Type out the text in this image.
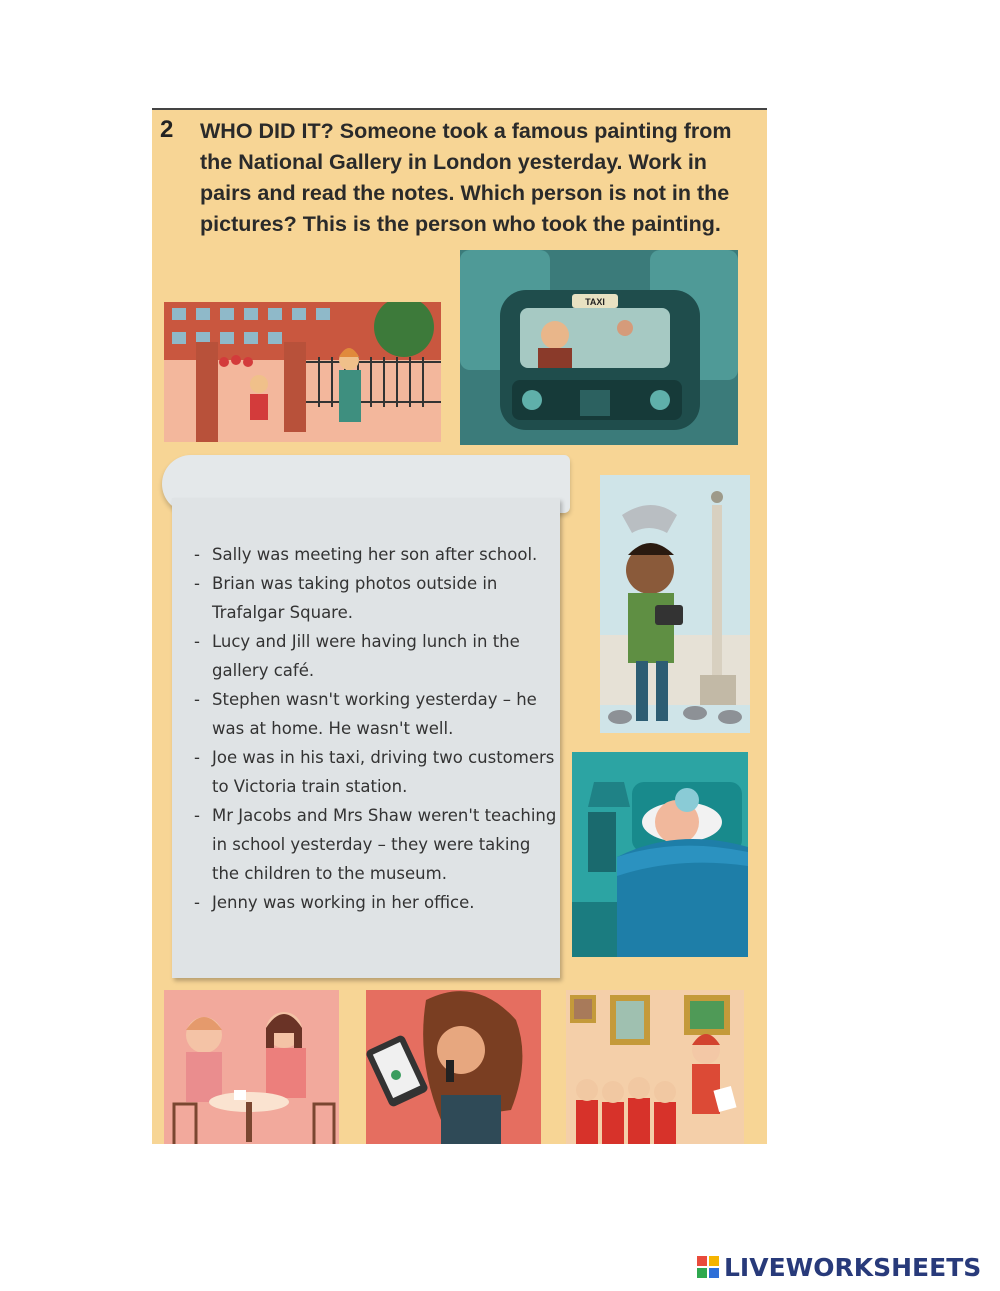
2 WHO DID IT? Someone took a famous painting from the National Gallery in London yesterday. Work in pairs and read the notes. Which person is not in the pictures? This is the person who took the painting.

TAXI
- Sally was meeting her son after school.
- Brian was taking photos outside in Trafalgar Square.
- Lucy and Jill were having lunch in the gallery café.
- Stephen wasn't working yesterday – he was at home. He wasn't well.
- Joe was in his taxi, driving two customers to Victoria train station.
- Mr Jacobs and Mrs Shaw weren't teaching in school yesterday – they were taking the children to the museum.
- Jenny was working in her office.
LIVEWORKSHEETS
